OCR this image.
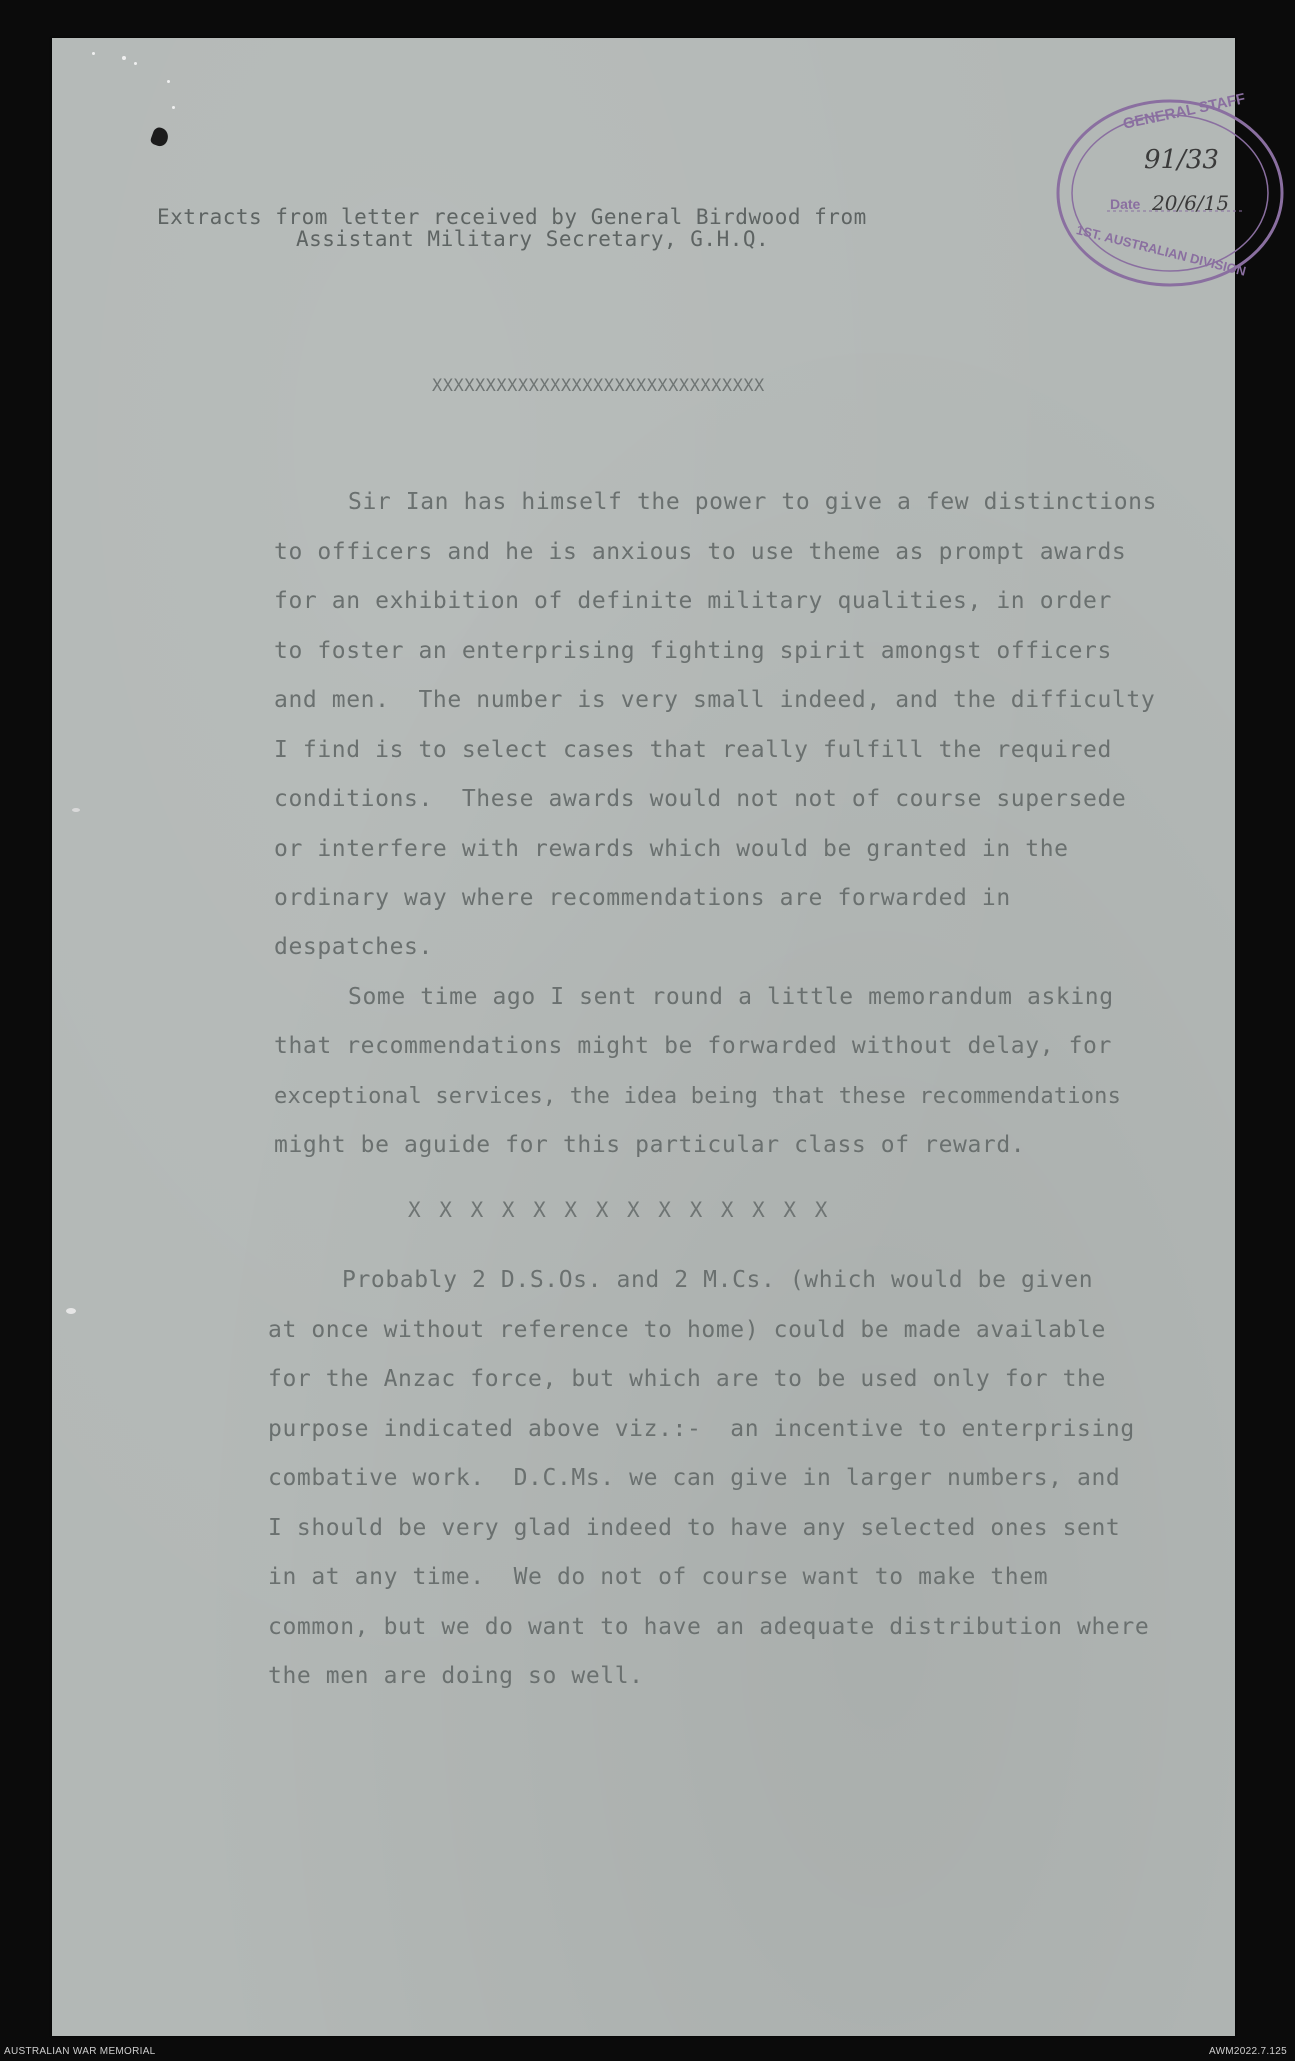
GENERAL STAFF
1ST. AUSTRALIAN DIVISION
Date
91/33
20/6/15
Extracts from letter received by General Birdwood from
Assistant Military Secretary, G.H.Q.
XXXXXXXXXXXXXXXXXXXXXXXXXXXXXXX
Sir Ian has himself the power to give a few distinctions
to officers and he is anxious to use theme as prompt awards
for an exhibition of definite military qualities, in order
to foster an enterprising fighting spirit amongst officers
and men.  The number is very small indeed, and the difficulty
I find is to select cases that really fulfill the required
conditions.  These awards would not not of course supersede
or interfere with rewards which would be granted in the
ordinary way where recommendations are forwarded in
despatches.
Some time ago I sent round a little memorandum asking
that recommendations might be forwarded without delay, for
exceptional services, the idea being that these recommendations
might be aguide for this particular class of reward.
X X X X X X X X X X X X X X
Probably 2 D.S.Os. and 2 M.Cs. (which would be given
at once without reference to home) could be made available
for the Anzac force, but which are to be used only for the
purpose indicated above viz.:-  an incentive to enterprising
combative work.  D.C.Ms. we can give in larger numbers, and
I should be very glad indeed to have any selected ones sent
in at any time.  We do not of course want to make them
common, but we do want to have an adequate distribution where
the men are doing so well.
AUSTRALIAN WAR MEMORIAL	AWM2022.7.125
